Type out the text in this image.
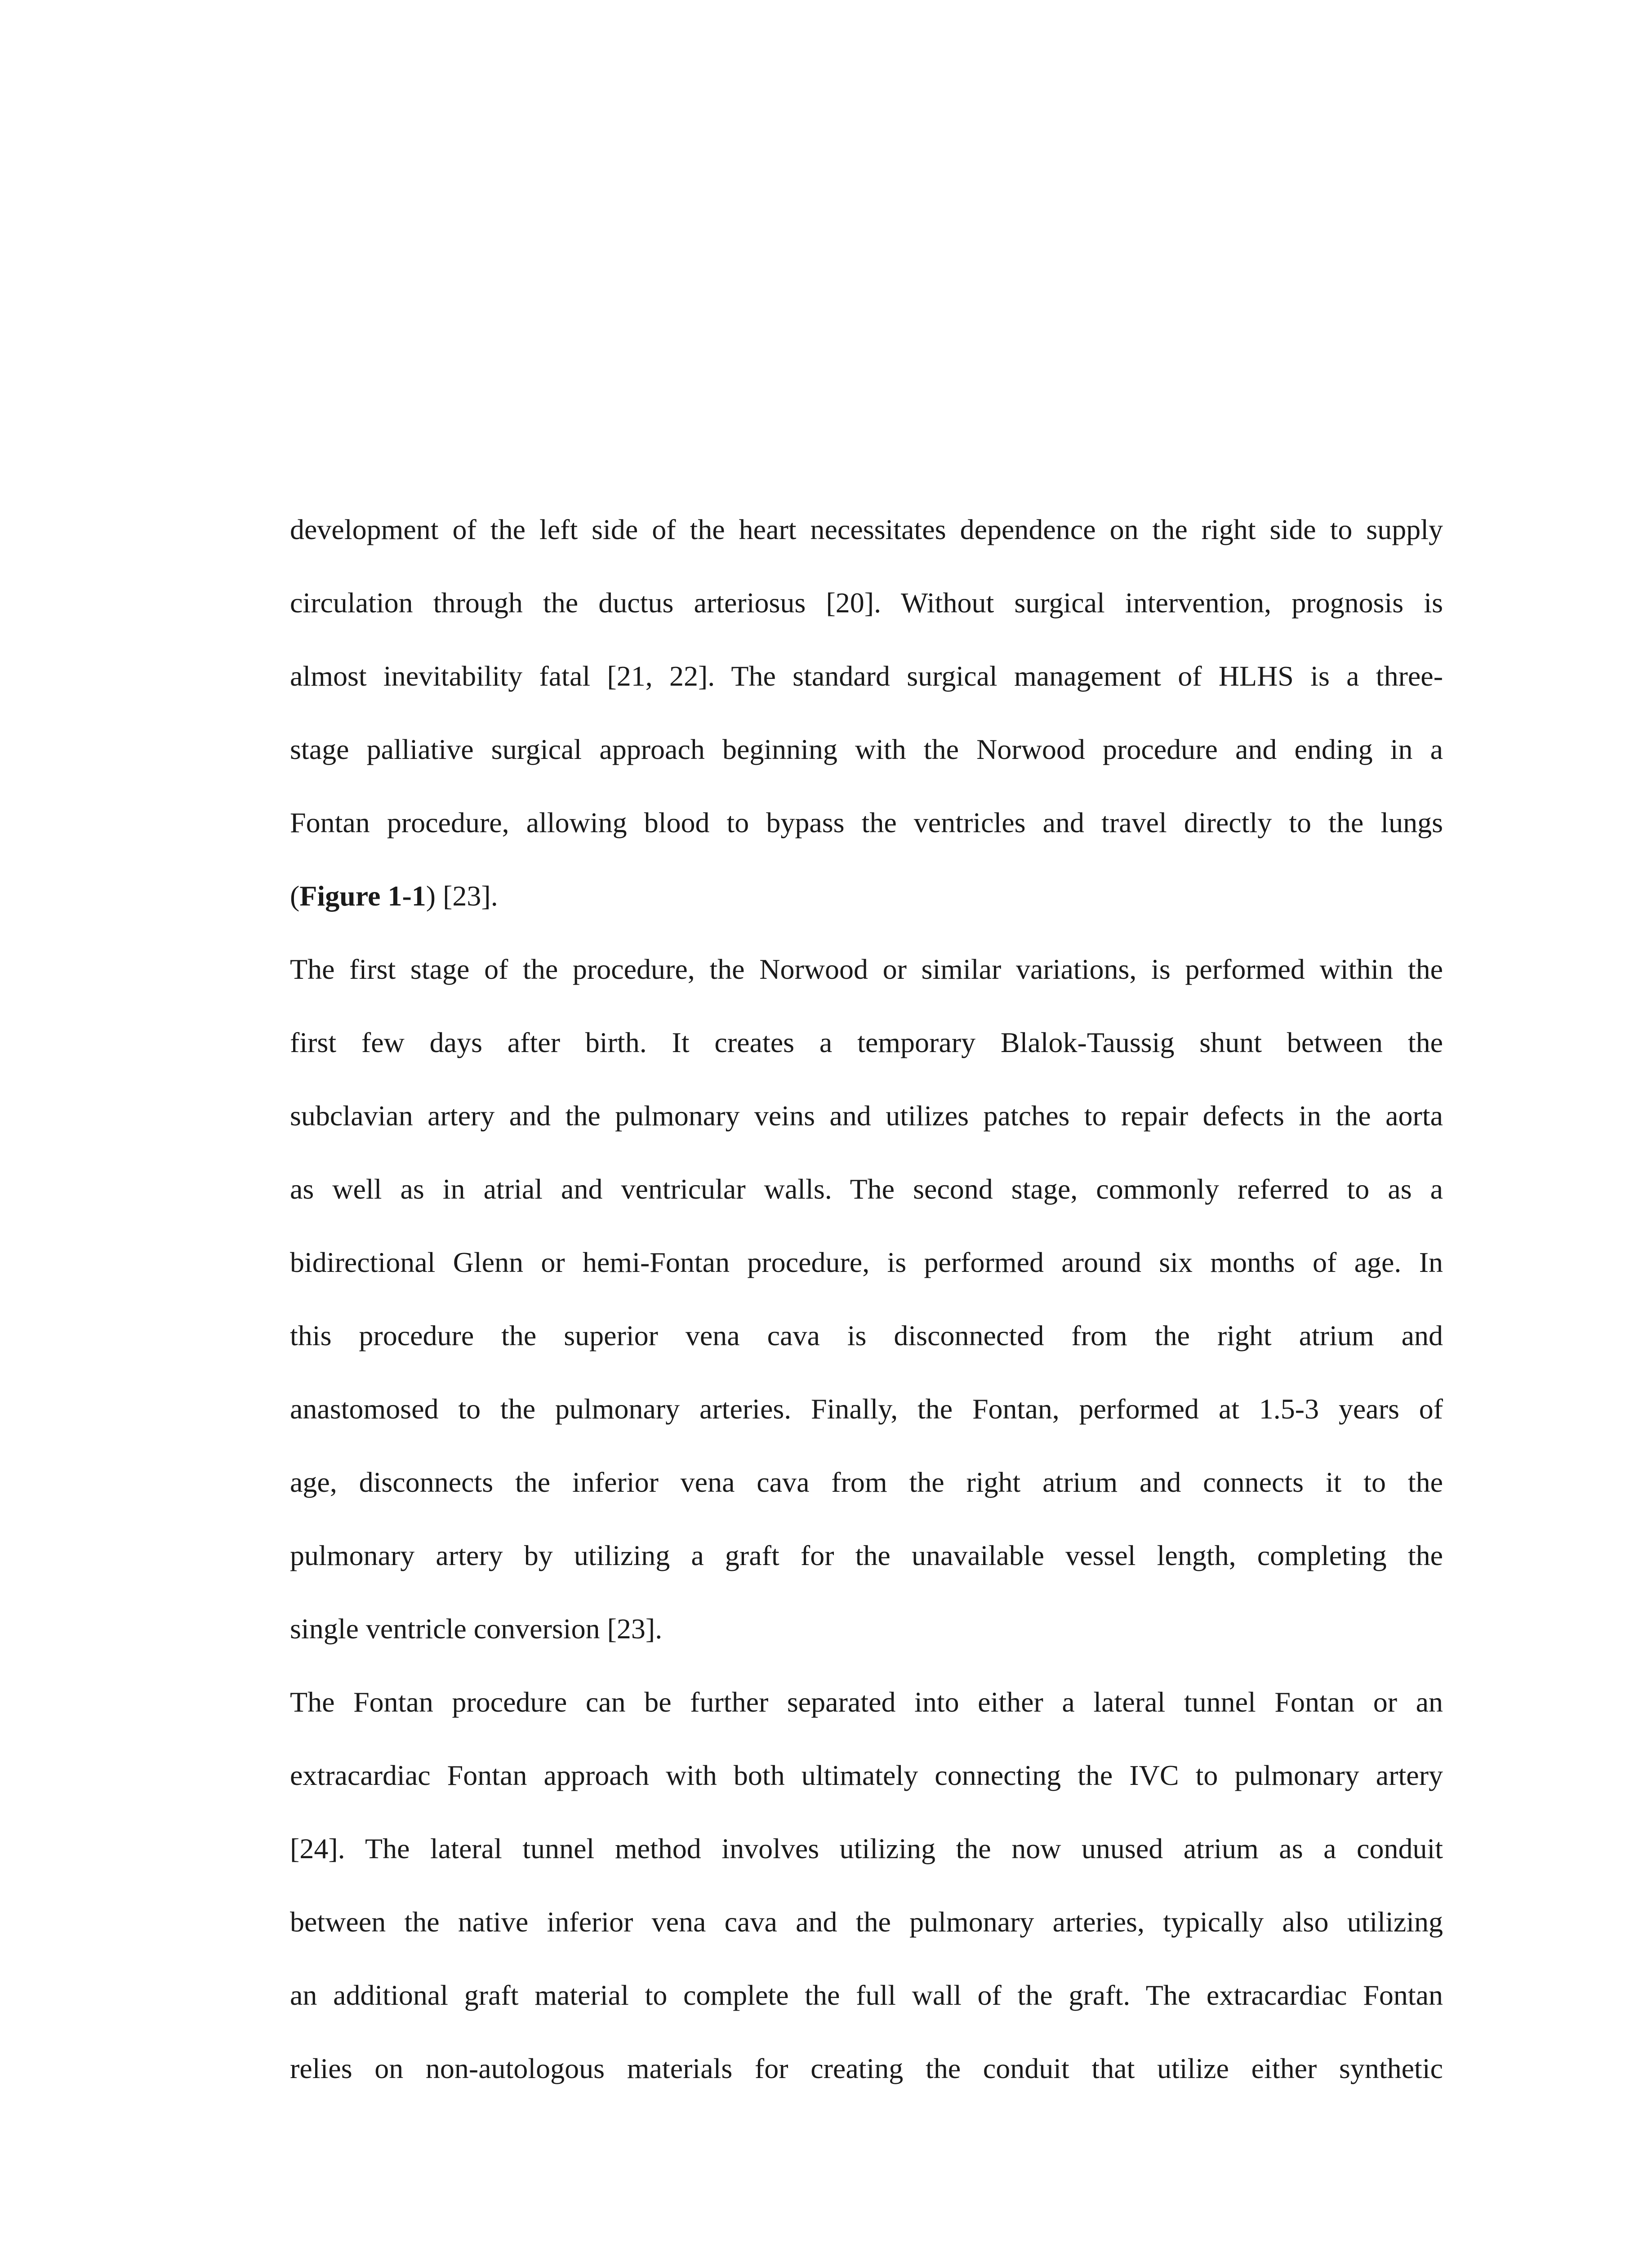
development of the left side of the heart necessitates dependence on the right side to supply
circulation through the ductus arteriosus [20]. Without surgical intervention, prognosis is
almost inevitability fatal [21, 22]. The standard surgical management of HLHS is a three-
stage palliative surgical approach beginning with the Norwood procedure and ending in a
Fontan procedure, allowing blood to bypass the ventricles and travel directly to the lungs
(Figure 1-1) [23].
The first stage of the procedure, the Norwood or similar variations, is performed within the
first few days after birth. It creates a temporary Blalok-Taussig shunt between the
subclavian artery and the pulmonary veins and utilizes patches to repair defects in the aorta
as well as in atrial and ventricular walls. The second stage, commonly referred to as a
bidirectional Glenn or hemi-Fontan procedure, is performed around six months of age. In
this procedure the superior vena cava is disconnected from the right atrium and
anastomosed to the pulmonary arteries. Finally, the Fontan, performed at 1.5-3 years of
age, disconnects the inferior vena cava from the right atrium and connects it to the
pulmonary artery by utilizing a graft for the unavailable vessel length, completing the
single ventricle conversion [23].
The Fontan procedure can be further separated into either a lateral tunnel Fontan or an
extracardiac Fontan approach with both ultimately connecting the IVC to pulmonary artery
[24]. The lateral tunnel method involves utilizing the now unused atrium as a conduit
between the native inferior vena cava and the pulmonary arteries, typically also utilizing
an additional graft material to complete the full wall of the graft. The extracardiac Fontan
relies on non-autologous materials for creating the conduit that utilize either synthetic
